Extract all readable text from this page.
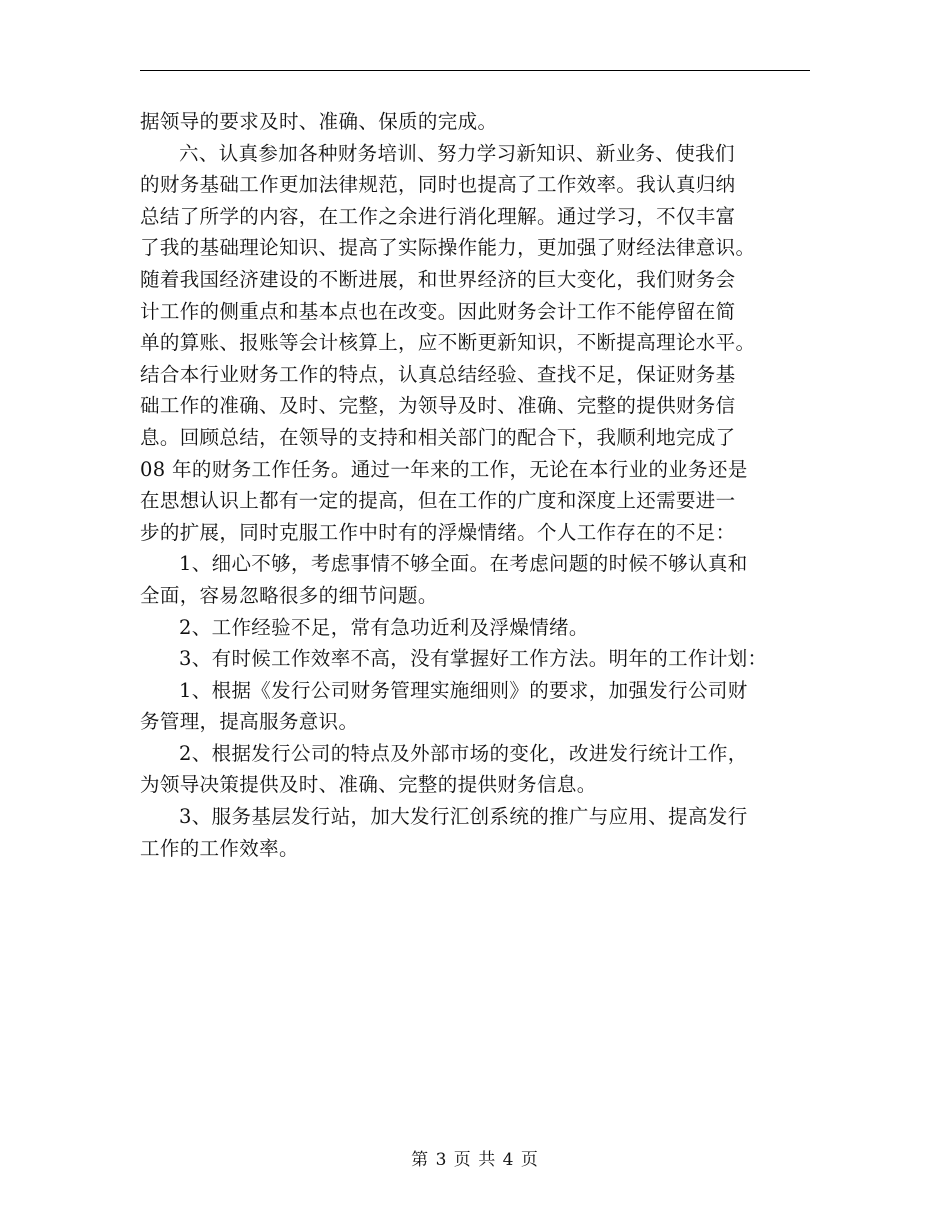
据领导的要求及时、准确、保质的完成。
六、认真参加各种财务培训、努力学习新知识、新业务、使我们
的财务基础工作更加法律规范，同时也提高了工作效率。我认真归纳
总结了所学的内容，在工作之余进行消化理解。通过学习，不仅丰富
了我的基础理论知识、提高了实际操作能力，更加强了财经法律意识。
随着我国经济建设的不断进展，和世界经济的巨大变化，我们财务会
计工作的侧重点和基本点也在改变。因此财务会计工作不能停留在简
单的算账、报账等会计核算上，应不断更新知识，不断提高理论水平。
结合本行业财务工作的特点，认真总结经验、查找不足，保证财务基
础工作的准确、及时、完整，为领导及时、准确、完整的提供财务信
息。回顾总结，在领导的支持和相关部门的配合下，我顺利地完成了
08 年的财务工作任务。通过一年来的工作，无论在本行业的业务还是
在思想认识上都有一定的提高，但在工作的广度和深度上还需要进一
步的扩展，同时克服工作中时有的浮燥情绪。个人工作存在的不足：
1、细心不够，考虑事情不够全面。在考虑问题的时候不够认真和
全面，容易忽略很多的细节问题。
2、工作经验不足，常有急功近利及浮燥情绪。
3、有时候工作效率不高，没有掌握好工作方法。明年的工作计划：
1、根据《发行公司财务管理实施细则》的要求，加强发行公司财
务管理，提高服务意识。
2、根据发行公司的特点及外部市场的变化，改进发行统计工作，
为领导决策提供及时、准确、完整的提供财务信息。
3、服务基层发行站，加大发行汇创系统的推广与应用、提高发行
工作的工作效率。
第 3 页 共 4 页
